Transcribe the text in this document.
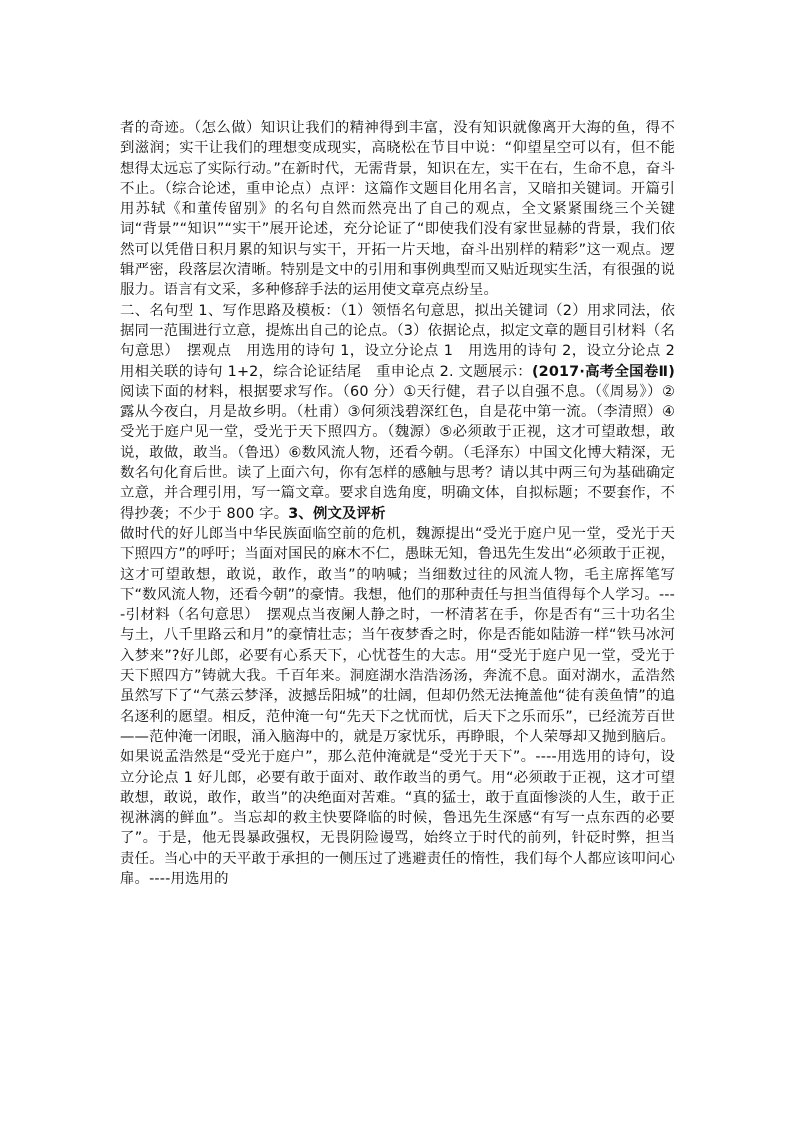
者的奇迹。（怎么做）知识让我们的精神得到丰富，没有知识就像离开大海的鱼，得不到滋润；实干让我们的理想变成现实，高晓松在节目中说：“仰望星空可以有，但不能想得太远忘了实际行动。”在新时代，无需背景，知识在左，实干在右，生命不息，奋斗不止。（综合论述，重申论点）点评：这篇作文题目化用名言，又暗扣关键词。开篇引用苏轼《和董传留别》的名句自然而然亮出了自己的观点，全文紧紧围绕三个关键词“背景”“知识”“实干”展开论述，充分论证了“即使我们没有家世显赫的背景，我们依然可以凭借日积月累的知识与实干，开拓一片天地，奋斗出别样的精彩”这一观点。逻辑严密，段落层次清晰。特别是文中的引用和事例典型而又贴近现实生活，有很强的说服力。语言有文采，多种修辞手法的运用使文章亮点纷呈。

二、名句型 1、写作思路及模板：（1）领悟名句意思，拟出关键词（2）用求同法，依据同一范围进行立意，提炼出自己的论点。（3）依据论点，拟定文章的题目引材料（名句意思）　摆观点　用选用的诗句 1，设立分论点 1　用选用的诗句 2，设立分论点 2 用相关联的诗句 1+2，综合论证结尾　重申论点 2. 文题展示：(2017·高考全国卷Ⅱ)阅读下面的材料，根据要求写作。（60 分）①天行健，君子以自强不息。（《周易》）②露从今夜白，月是故乡明。（杜甫）③何须浅碧深红色，自是花中第一流。（李清照）④受光于庭户见一堂，受光于天下照四方。（魏源）⑤必须敢于正视，这才可望敢想，敢说，敢做，敢当。（鲁迅）⑥数风流人物，还看今朝。（毛泽东）中国文化博大精深，无数名句化育后世。读了上面六句，你有怎样的感触与思考？请以其中两三句为基础确定立意，并合理引用，写一篇文章。要求自选角度，明确文体，自拟标题；不要套作，不得抄袭；不少于 800 字。3、例文及评析

做时代的好儿郎当中华民族面临空前的危机，魏源提出“受光于庭户见一堂，受光于天下照四方”的呼吁；当面对国民的麻木不仁，愚昧无知，鲁迅先生发出“必须敢于正视，这才可望敢想，敢说，敢作，敢当”的呐喊；当细数过往的风流人物，毛主席挥笔写下“数风流人物，还看今朝”的豪情。我想，他们的那种责任与担当值得每个人学习。----引材料（名句意思）　摆观点当夜阑人静之时，一杯清茗在手，你是否有“三十功名尘与土，八千里路云和月”的豪情壮志；当午夜梦香之时，你是否能如陆游一样“铁马冰河入梦来”?好儿郎，必要有心系天下，心忧苍生的大志。用“受光于庭户见一堂，受光于天下照四方”铸就大我。千百年来。洞庭湖水浩浩汤汤，奔流不息。面对湖水，孟浩然虽然写下了“气蒸云梦泽，波撼岳阳城”的壮阔，但却仍然无法掩盖他“徒有羡鱼情”的追名逐利的愿望。相反，范仲淹一句“先天下之忧而忧，后天下之乐而乐”，已经流芳百世——范仲淹一闭眼，涌入脑海中的，就是万家忧乐，再睁眼，个人荣辱却又抛到脑后。如果说孟浩然是“受光于庭户”，那么范仲淹就是“受光于天下”。----用选用的诗句，设立分论点 1 好儿郎，必要有敢于面对、敢作敢当的勇气。用“必须敢于正视，这才可望敢想，敢说，敢作，敢当”的决绝面对苦难。“真的猛士，敢于直面惨淡的人生，敢于正视淋漓的鲜血”。当忘却的救主快要降临的时候，鲁迅先生深感“有写一点东西的必要了”。于是，他无畏暴政强权，无畏阴险谩骂，始终立于时代的前列，针砭时弊，担当责任。当心中的天平敢于承担的一侧压过了逃避责任的惰性，我们每个人都应该叩问心扉。----用选用的
